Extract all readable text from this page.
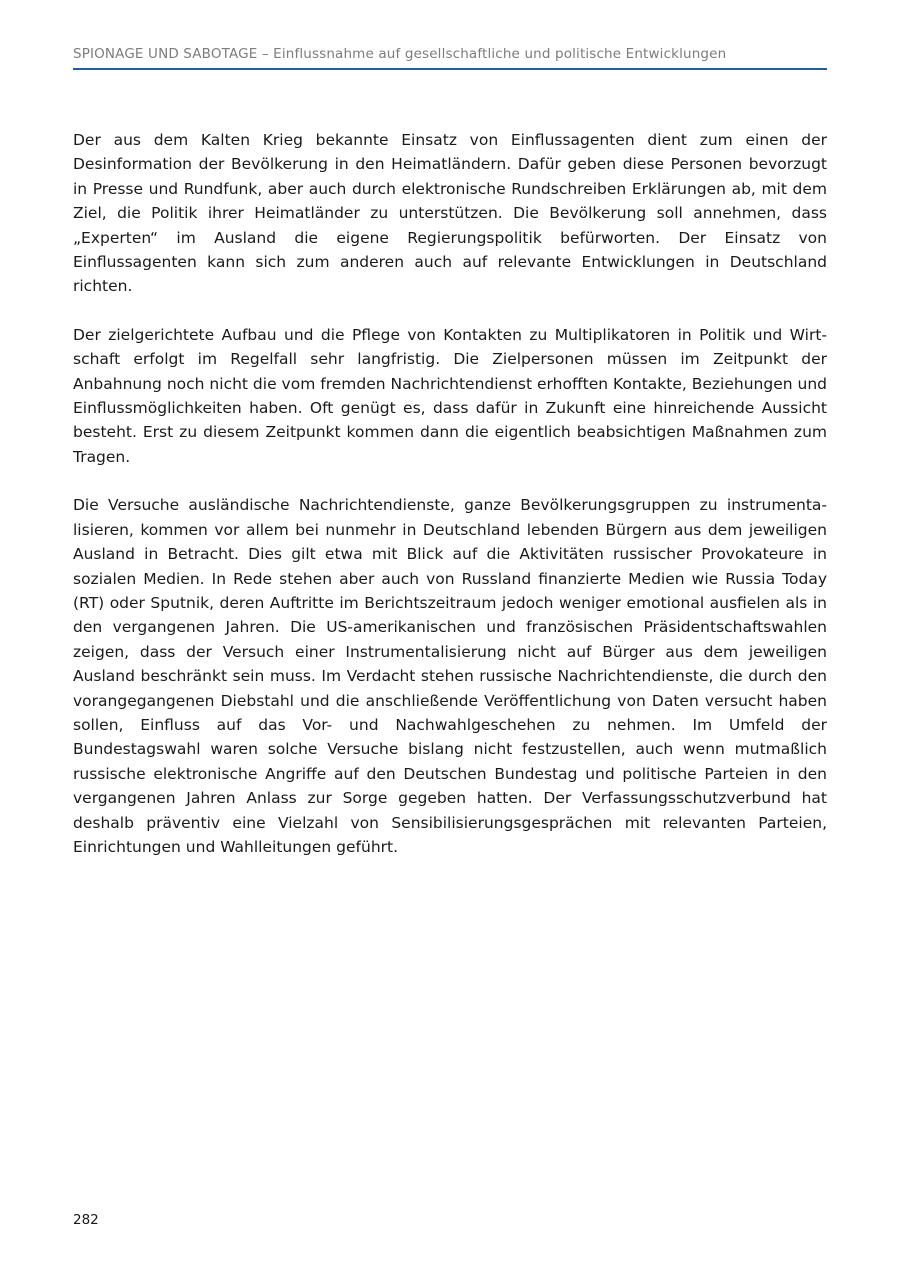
SPIONAGE UND SABOTAGE – Einflussnahme auf gesellschaftliche und politische Entwicklungen

Der aus dem Kalten Krieg bekannte Einsatz von Einflussagenten dient zum einen der Desinformation der Bevölkerung in den Heimatländern. Dafür geben diese Personen bevorzugt in Presse und Rundfunk, aber auch durch elektronische Rundschreiben Erklärungen ab, mit dem Ziel, die Politik ihrer Heimatländer zu unterstützen. Die Bevölkerung soll annehmen, dass „Experten“ im Ausland die eigene Regierungspolitik befürworten. Der Einsatz von Einflussagenten kann sich zum anderen auch auf relevante Entwicklungen in Deutschland richten.

Der zielgerichtete Aufbau und die Pflege von Kontakten zu Multiplikatoren in Politik und Wirtschaft erfolgt im Regelfall sehr langfristig. Die Zielpersonen müssen im Zeitpunkt der Anbahnung noch nicht die vom fremden Nachrichtendienst erhofften Kontakte, Beziehungen und Einflussmöglichkeiten haben. Oft genügt es, dass dafür in Zukunft eine hinreichende Aussicht besteht. Erst zu diesem Zeitpunkt kommen dann die eigentlich beabsichtigen Maßnahmen zum Tragen.

Die Versuche ausländische Nachrichtendienste, ganze Bevölkerungsgruppen zu instrumentalisieren, kommen vor allem bei nunmehr in Deutschland lebenden Bürgern aus dem jeweiligen Ausland in Betracht. Dies gilt etwa mit Blick auf die Aktivitäten russischer Provokateure in sozialen Medien. In Rede stehen aber auch von Russland finanzierte Medien wie Russia Today (RT) oder Sputnik, deren Auftritte im Berichtszeitraum jedoch weniger emotional ausfielen als in den vergangenen Jahren. Die US-amerikanischen und französischen Präsidentschaftswahlen zeigen, dass der Versuch einer Instrumentalisierung nicht auf Bürger aus dem jeweiligen Ausland beschränkt sein muss. Im Verdacht stehen russische Nachrichtendienste, die durch den vorangegangenen Diebstahl und die anschließende Veröffentlichung von Daten versucht haben sollen, Einfluss auf das Vor- und Nachwahlgeschehen zu nehmen. Im Umfeld der Bundestagswahl waren solche Versuche bislang nicht festzustellen, auch wenn mutmaßlich russische elektronische Angriffe auf den Deutschen Bundestag und politische Parteien in den vergangenen Jahren Anlass zur Sorge gegeben hatten. Der Verfassungsschutzverbund hat deshalb präventiv eine Vielzahl von Sensibilisierungsgesprächen mit relevanten Parteien, Einrichtungen und Wahlleitungen geführt.

282
